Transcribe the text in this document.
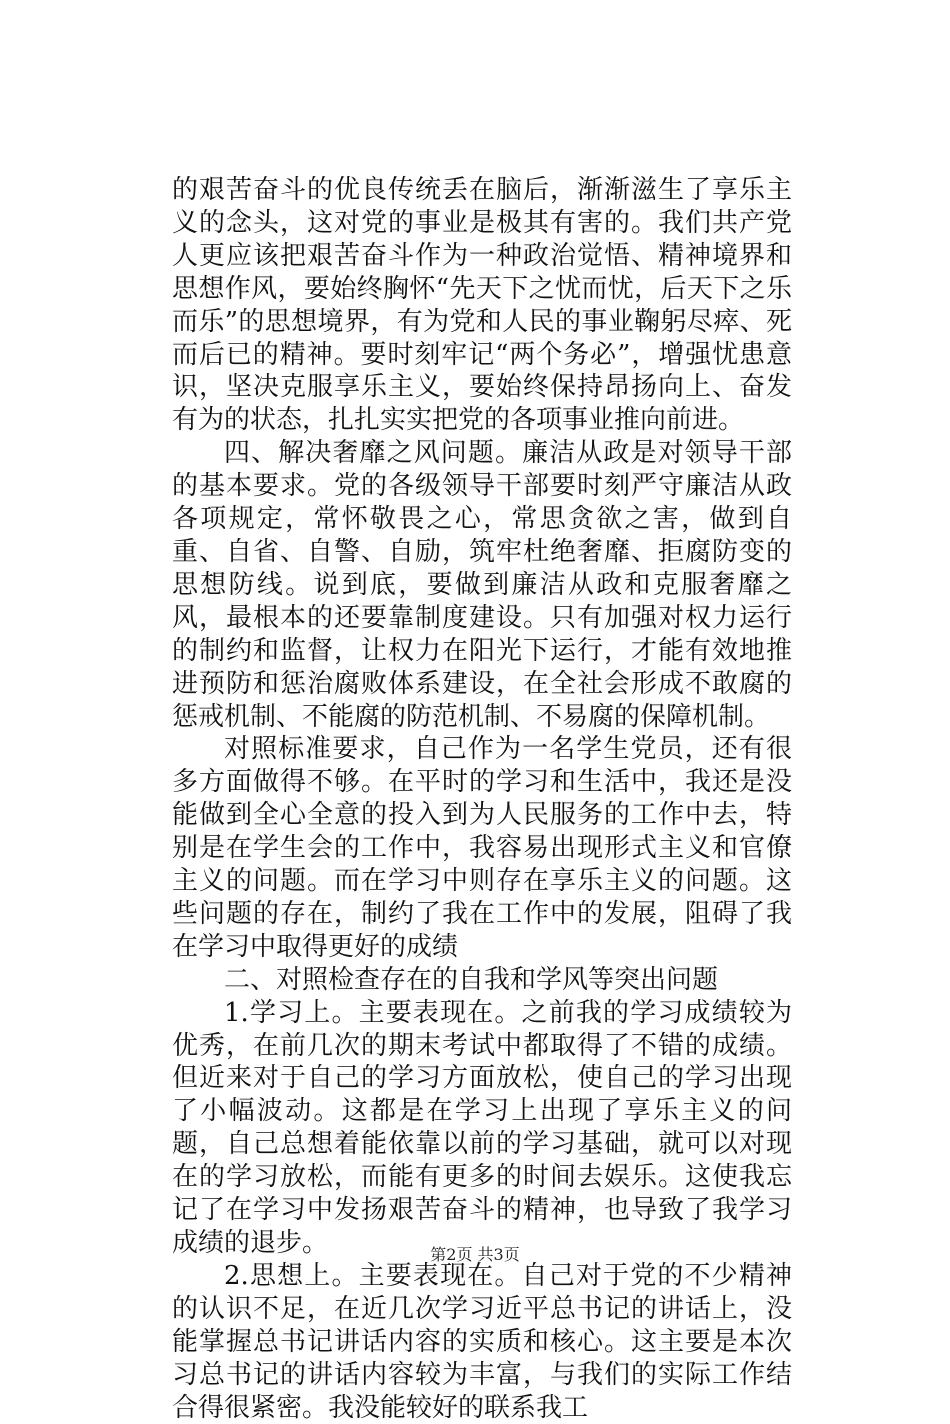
的艰苦奋斗的优良传统丢在脑后，渐渐滋生了享乐主义的念头，这对党的事业是极其有害的。我们共产党人更应该把艰苦奋斗作为一种政治觉悟、精神境界和思想作风，要始终胸怀“先天下之忧而忧，后天下之乐而乐”的思想境界，有为党和人民的事业鞠躬尽瘁、死而后已的精神。要时刻牢记“两个务必”，增强忧患意识，坚决克服享乐主义，要始终保持昂扬向上、奋发有为的状态，扎扎实实把党的各项事业推向前进。

四、解决奢靡之风问题。廉洁从政是对领导干部的基本要求。党的各级领导干部要时刻严守廉洁从政各项规定，常怀敬畏之心，常思贪欲之害，做到自重、自省、自警、自励，筑牢杜绝奢靡、拒腐防变的思想防线。说到底，要做到廉洁从政和克服奢靡之风，最根本的还要靠制度建设。只有加强对权力运行的制约和监督，让权力在阳光下运行，才能有效地推进预防和惩治腐败体系建设，在全社会形成不敢腐的惩戒机制、不能腐的防范机制、不易腐的保障机制。

对照标准要求，自己作为一名学生党员，还有很多方面做得不够。在平时的学习和生活中，我还是没能做到全心全意的投入到为人民服务的工作中去，特别是在学生会的工作中，我容易出现形式主义和官僚主义的问题。而在学习中则存在享乐主义的问题。这些问题的存在，制约了我在工作中的发展，阻碍了我在学习中取得更好的成绩

二、对照检查存在的自我和学风等突出问题

1.学习上。主要表现在。之前我的学习成绩较为优秀，在前几次的期末考试中都取得了不错的成绩。但近来对于自己的学习方面放松，使自己的学习出现了小幅波动。这都是在学习上出现了享乐主义的问题，自己总想着能依靠以前的学习基础，就可以对现在的学习放松，而能有更多的时间去娱乐。这使我忘记了在学习中发扬艰苦奋斗的精神，也导致了我学习成绩的退步。

2.思想上。主要表现在。自己对于党的不少精神的认识不足，在近几次学习近平总书记的讲话上，没能掌握总书记讲话内容的实质和核心。这主要是本次习总书记的讲话内容较为丰富，与我们的实际工作结合得很紧密。我没能较好的联系我工

第2页 共3页
